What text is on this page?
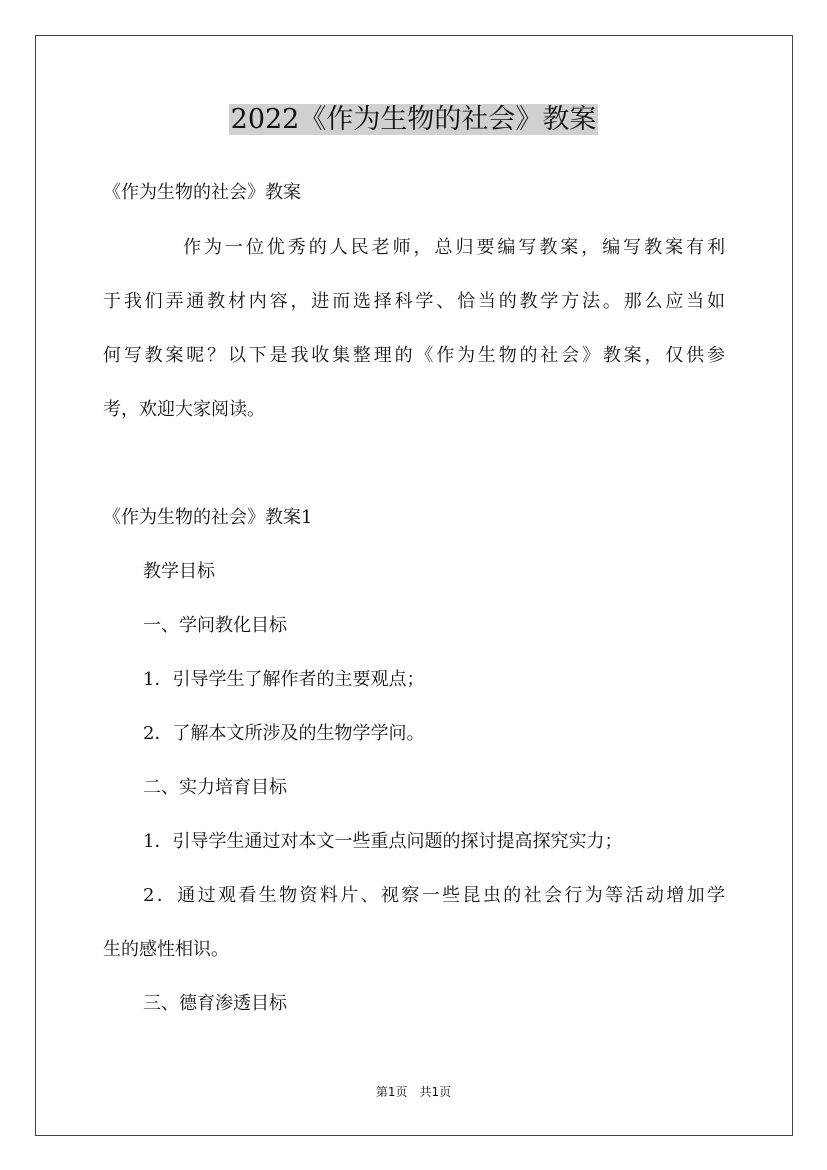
2022《作为生物的社会》教案
《作为生物的社会》教案
作为一位优秀的人民老师，总归要编写教案，编写教案有利
于我们弄通教材内容，进而选择科学、恰当的教学方法。那么应当如
何写教案呢？以下是我收集整理的《作为生物的社会》教案，仅供参
考，欢迎大家阅读。
《作为生物的社会》教案1
教学目标
一、学问教化目标
1．引导学生了解作者的主要观点；
2．了解本文所涉及的生物学学问。
二、实力培育目标
1．引导学生通过对本文一些重点问题的探讨提高探究实力；
2．通过观看生物资料片、视察一些昆虫的社会行为等活动增加学
生的感性相识。
三、德育渗透目标
第1页　共1页
